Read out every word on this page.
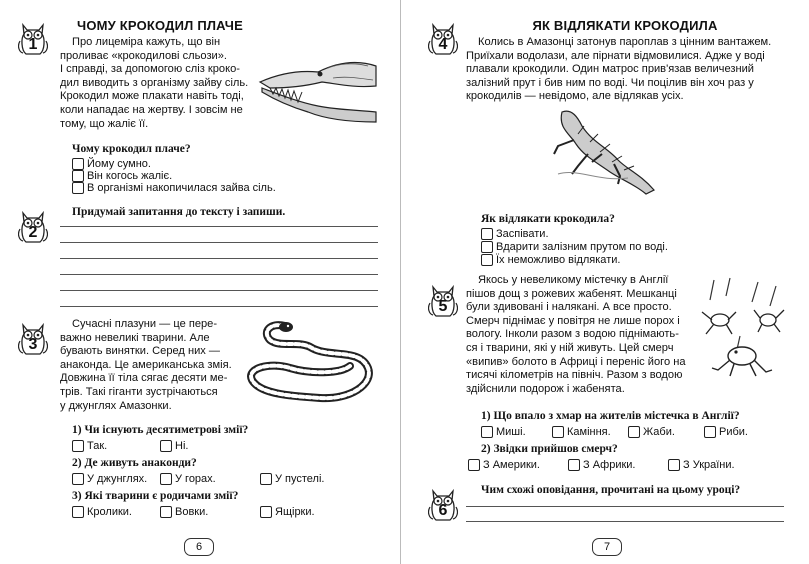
1
ЧОМУ КРОКОДИЛ ПЛАЧЕ
Про лицеміра кажуть, що він
проливає «крокодилові сльози».
І справді, за допомогою сліз кроко-
дил виводить з організму зайву сіль.
Крокодил може плакати навіть тоді,
коли нападає на жертву. І зовсім не
тому, що жаліє її.
Чому крокодил плаче?
Йому сумно.
Він когось жаліє.
В організмі накопичилася зайва сіль.
2
Придумай запитання до тексту і запиши.
3
Сучасні плазуни — це пере-
важно невеликі тварини. Але
бувають винятки. Серед них —
анаконда. Це американська змія.
Довжина її тіла сягає десяти ме-
трів. Такі гіганти зустрічаються
у джунглях Амазонки.
1) Чи існують десятиметрові змії?
Так.	Ні.
2) Де живуть анаконди?
У джунглях.	У горах.	У пустелі.
3) Які тварини є родичами змії?
Кролики.	Вовки.	Ящірки.
6
4
ЯК ВІДЛЯКАТИ КРОКОДИЛА
Колись в Амазонці затонув пароплав з цінним вантажем.
Приїхали водолази, але пірнати відмовилися. Адже у воді
плавали крокодили. Один матрос прив'язав величезний
залізний прут і бив ним по воді. Чи поцілив він хоч раз у
крокодилів — невідомо, але відлякав усіх.
Як відлякати крокодила?
Заспівати.
Вдарити залізним прутом по воді.
Їх неможливо відлякати.
5
Якось у невеликому містечку в Англії
пішов дощ з рожевих жабенят. Мешканці
були здивовані і налякані. А все просто.
Смерч піднімає у повітря не лише порох і
вологу. Інколи разом з водою піднімають-
ся і тварини, які у ній живуть. Цей смерч
«випив» болото в Африці і переніс його на
тисячі кілометрів на північ. Разом з водою
здійснили подорож і жабенята.
1) Що впало з хмар на жителів містечка в Англії?
Миші.	Каміння.	Жаби.	Риби.
2) Звідки прийшов смерч?
З Америки.	З Африки.	З України.
6
Чим схожі оповідання, прочитані на цьому уроці?
7
